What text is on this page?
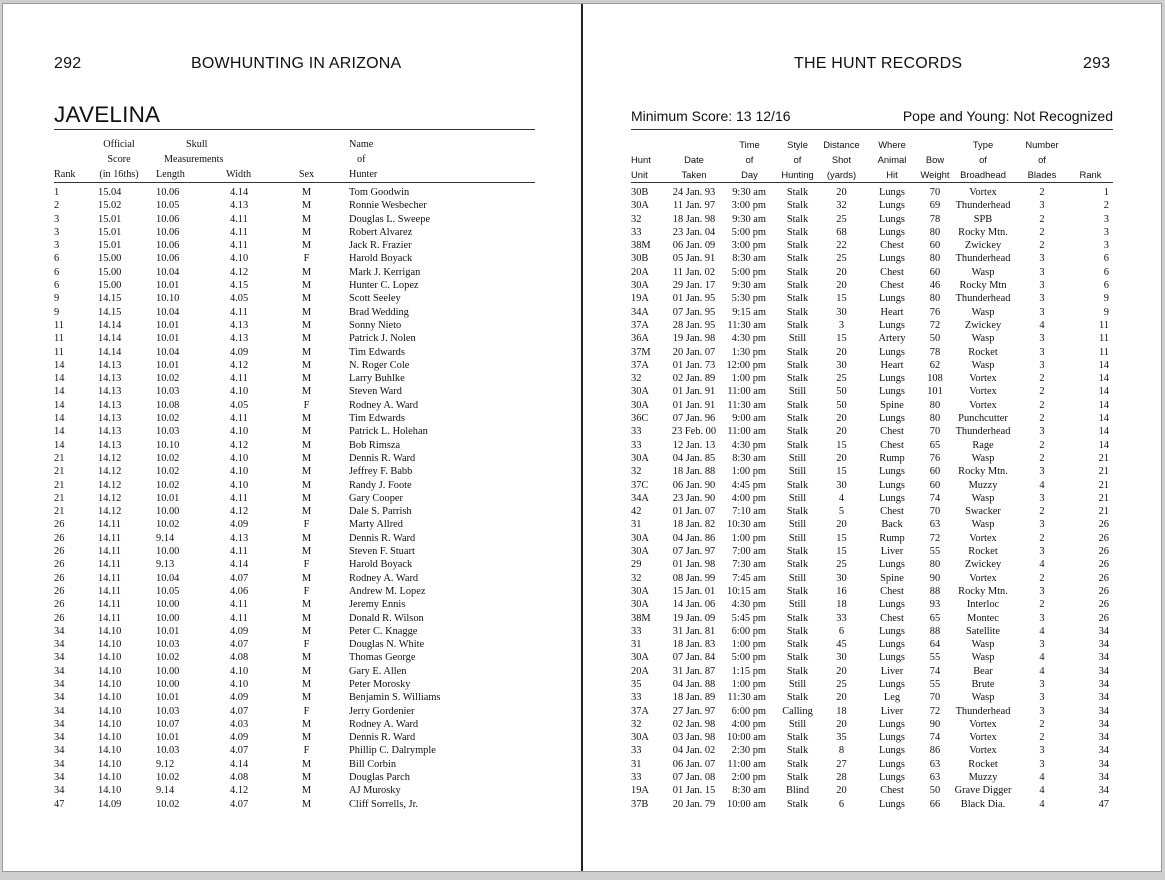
292	BOWHUNTING IN ARIZONA
JAVELINA
	Official	Skull			Name
	Score	Measurements			of
Rank	(in 16ths)	Length	Width	Sex	Hunter
1	15.04	10.06	4.14	M	Tom Goodwin
2	15.02	10.05	4.13	M	Ronnie Wesbecher
3	15.01	10.06	4.11	M	Douglas L. Sweepe
3	15.01	10.06	4.11	M	Robert Alvarez
3	15.01	10.06	4.11	M	Jack R. Frazier
6	15.00	10.06	4.10	F	Harold Boyack
6	15.00	10.04	4.12	M	Mark J. Kerrigan
6	15.00	10.01	4.15	M	Hunter C. Lopez
9	14.15	10.10	4.05	M	Scott Seeley
9	14.15	10.04	4.11	M	Brad Wedding
11	14.14	10.01	4.13	M	Sonny Nieto
11	14.14	10.01	4.13	M	Patrick J. Nolen
11	14.14	10.04	4.09	M	Tim Edwards
14	14.13	10.01	4.12	M	N. Roger Cole
14	14.13	10.02	4.11	M	Larry Buhlke
14	14.13	10.03	4.10	M	Steven Ward
14	14.13	10.08	4.05	F	Rodney A. Ward
14	14.13	10.02	4.11	M	Tim Edwards
14	14.13	10.03	4.10	M	Patrick L. Holehan
14	14.13	10.10	4.12	M	Bob Rimsza
21	14.12	10.02	4.10	M	Dennis R. Ward
21	14.12	10.02	4.10	M	Jeffrey F. Babb
21	14.12	10.02	4.10	M	Randy J. Foote
21	14.12	10.01	4.11	M	Gary Cooper
21	14.12	10.00	4.12	M	Dale S. Parrish
26	14.11	10.02	4.09	F	Marty Allred
26	14.11	9.14	4.13	M	Dennis R. Ward
26	14.11	10.00	4.11	M	Steven F. Stuart
26	14.11	9.13	4.14	F	Harold Boyack
26	14.11	10.04	4.07	M	Rodney A. Ward
26	14.11	10.05	4.06	F	Andrew M. Lopez
26	14.11	10.00	4.11	M	Jeremy Ennis
26	14.11	10.00	4.11	M	Donald R. Wilson
34	14.10	10.01	4.09	M	Peter C. Knagge
34	14.10	10.03	4.07	F	Douglas N. White
34	14.10	10.02	4.08	M	Thomas George
34	14.10	10.00	4.10	M	Gary E. Allen
34	14.10	10.00	4.10	M	Peter Morosky
34	14.10	10.01	4.09	M	Benjamin S. Williams
34	14.10	10.03	4.07	F	Jerry Gordenier
34	14.10	10.07	4.03	M	Rodney A. Ward
34	14.10	10.01	4.09	M	Dennis R. Ward
34	14.10	10.03	4.07	F	Phillip C. Dalrymple
34	14.10	9.12	4.14	M	Bill Corbin
34	14.10	10.02	4.08	M	Douglas Parch
34	14.10	9.14	4.12	M	AJ Murosky
47	14.09	10.02	4.07	M	Cliff Sorrells, Jr.
THE HUNT RECORDS	293
Minimum Score: 13 12/16	Pope and Young: Not Recognized
		Time	Style	Distance	Where		Type	Number	
Hunt	Date	of	of	Shot	Animal	Bow	of	of	
Unit	Taken	Day	Hunting	(yards)	Hit	Weight	Broadhead	Blades	Rank
30B	24 Jan. 93	9:30 am	Stalk	20	Lungs	70	Vortex	2	1
30A	11 Jan. 97	3:00 pm	Stalk	32	Lungs	69	Thunderhead	3	2
32	18 Jan. 98	9:30 am	Stalk	25	Lungs	78	SPB	2	3
33	23 Jan. 04	5:00 pm	Stalk	68	Lungs	80	Rocky Mtn.	2	3
38M	06 Jan. 09	3:00 pm	Stalk	22	Chest	60	Zwickey	2	3
30B	05 Jan. 91	8:30 am	Stalk	25	Lungs	80	Thunderhead	3	6
20A	11 Jan. 02	5:00 pm	Stalk	20	Chest	60	Wasp	3	6
30A	29 Jan. 17	9:30 am	Stalk	20	Chest	46	Rocky Mtn	3	6
19A	01 Jan. 95	5:30 pm	Stalk	15	Lungs	80	Thunderhead	3	9
34A	07 Jan. 95	9:15 am	Stalk	30	Heart	76	Wasp	3	9
37A	28 Jan. 95	11:30 am	Stalk	3	Lungs	72	Zwickey	4	11
36A	19 Jan. 98	4:30 pm	Still	15	Artery	50	Wasp	3	11
37M	20 Jan. 07	1:30 pm	Stalk	20	Lungs	78	Rocket	3	11
37A	01 Jan. 73	12:00 pm	Stalk	30	Heart	62	Wasp	3	14
32	02 Jan. 89	1:00 pm	Stalk	25	Lungs	108	Vortex	2	14
30A	01 Jan. 91	11:00 am	Still	50	Lungs	101	Vortex	2	14
30A	01 Jan. 91	11:30 am	Stalk	50	Spine	80	Vortex	2	14
36C	07 Jan. 96	9:00 am	Stalk	20	Lungs	80	Punchcutter	2	14
33	23 Feb. 00	11:00 am	Stalk	20	Chest	70	Thunderhead	3	14
33	12 Jan. 13	4:30 pm	Stalk	15	Chest	65	Rage	2	14
30A	04 Jan. 85	8:30 am	Still	20	Rump	76	Wasp	2	21
32	18 Jan. 88	1:00 pm	Still	15	Lungs	60	Rocky Mtn.	3	21
37C	06 Jan. 90	4:45 pm	Stalk	30	Lungs	60	Muzzy	4	21
34A	23 Jan. 90	4:00 pm	Still	4	Lungs	74	Wasp	3	21
42	01 Jan. 07	7:10 am	Stalk	5	Chest	70	Swacker	2	21
31	18 Jan. 82	10:30 am	Still	20	Back	63	Wasp	3	26
30A	04 Jan. 86	1:00 pm	Still	15	Rump	72	Vortex	2	26
30A	07 Jan. 97	7:00 am	Stalk	15	Liver	55	Rocket	3	26
29	01 Jan. 98	7:30 am	Stalk	25	Lungs	80	Zwickey	4	26
32	08 Jan. 99	7:45 am	Still	30	Spine	90	Vortex	2	26
30A	15 Jan. 01	10:15 am	Stalk	16	Chest	88	Rocky Mtn.	3	26
30A	14 Jan. 06	4:30 pm	Still	18	Lungs	93	Interloc	2	26
38M	19 Jan. 09	5:45 pm	Stalk	33	Chest	65	Montec	3	26
33	31 Jan. 81	6:00 pm	Stalk	6	Lungs	88	Satellite	4	34
31	18 Jan. 83	1:00 pm	Stalk	45	Lungs	64	Wasp	3	34
30A	07 Jan. 84	5:00 pm	Stalk	30	Lungs	55	Wasp	4	34
20A	31 Jan. 87	1:15 pm	Stalk	20	Liver	74	Bear	4	34
35	04 Jan. 88	1:00 pm	Still	25	Lungs	55	Brute	3	34
33	18 Jan. 89	11:30 am	Stalk	20	Leg	70	Wasp	3	34
37A	27 Jan. 97	6:00 pm	Calling	18	Liver	72	Thunderhead	3	34
32	02 Jan. 98	4:00 pm	Still	20	Lungs	90	Vortex	2	34
30A	03 Jan. 98	10:00 am	Stalk	35	Lungs	74	Vortex	2	34
33	04 Jan. 02	2:30 pm	Stalk	8	Lungs	86	Vortex	3	34
31	06 Jan. 07	11:00 am	Stalk	27	Lungs	63	Rocket	3	34
33	07 Jan. 08	2:00 pm	Stalk	28	Lungs	63	Muzzy	4	34
19A	01 Jan. 15	8:30 am	Blind	20	Chest	50	Grave Digger	4	34
37B	20 Jan. 79	10:00 am	Stalk	6	Lungs	66	Black Dia.	4	47
